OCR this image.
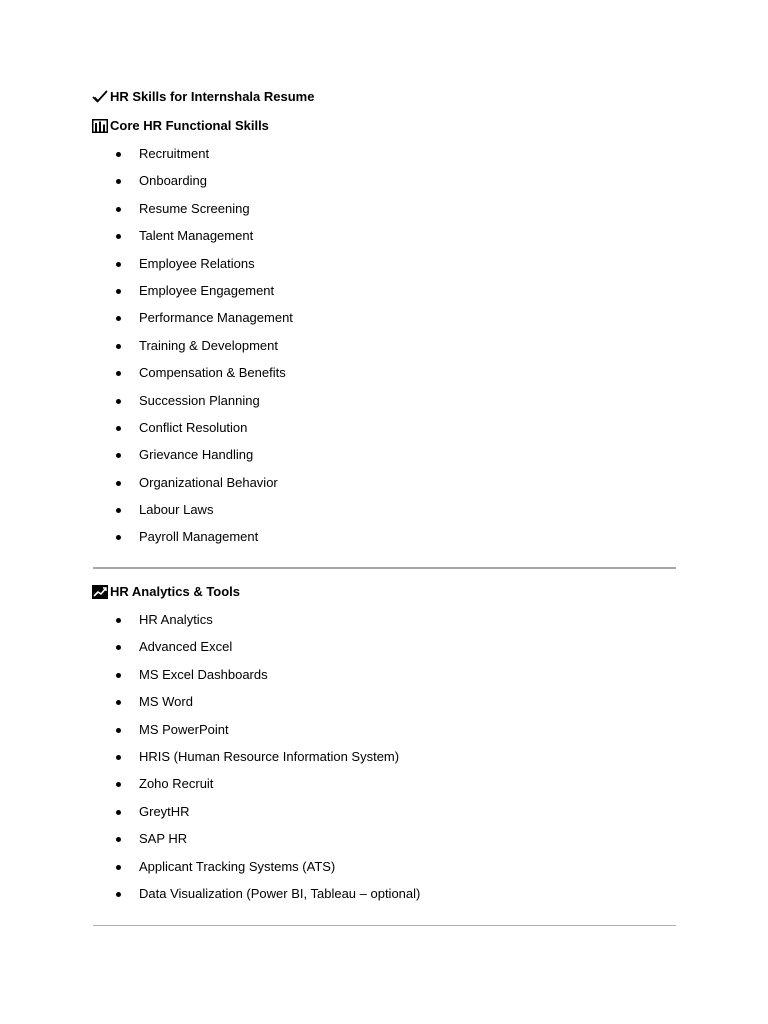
HR Skills for Internshala Resume
Core HR Functional Skills
Recruitment
Onboarding
Resume Screening
Talent Management
Employee Relations
Employee Engagement
Performance Management
Training & Development
Compensation & Benefits
Succession Planning
Conflict Resolution
Grievance Handling
Organizational Behavior
Labour Laws
Payroll Management
HR Analytics & Tools
HR Analytics
Advanced Excel
MS Excel Dashboards
MS Word
MS PowerPoint
HRIS (Human Resource Information System)
Zoho Recruit
GreytHR
SAP HR
Applicant Tracking Systems (ATS)
Data Visualization (Power BI, Tableau – optional)
